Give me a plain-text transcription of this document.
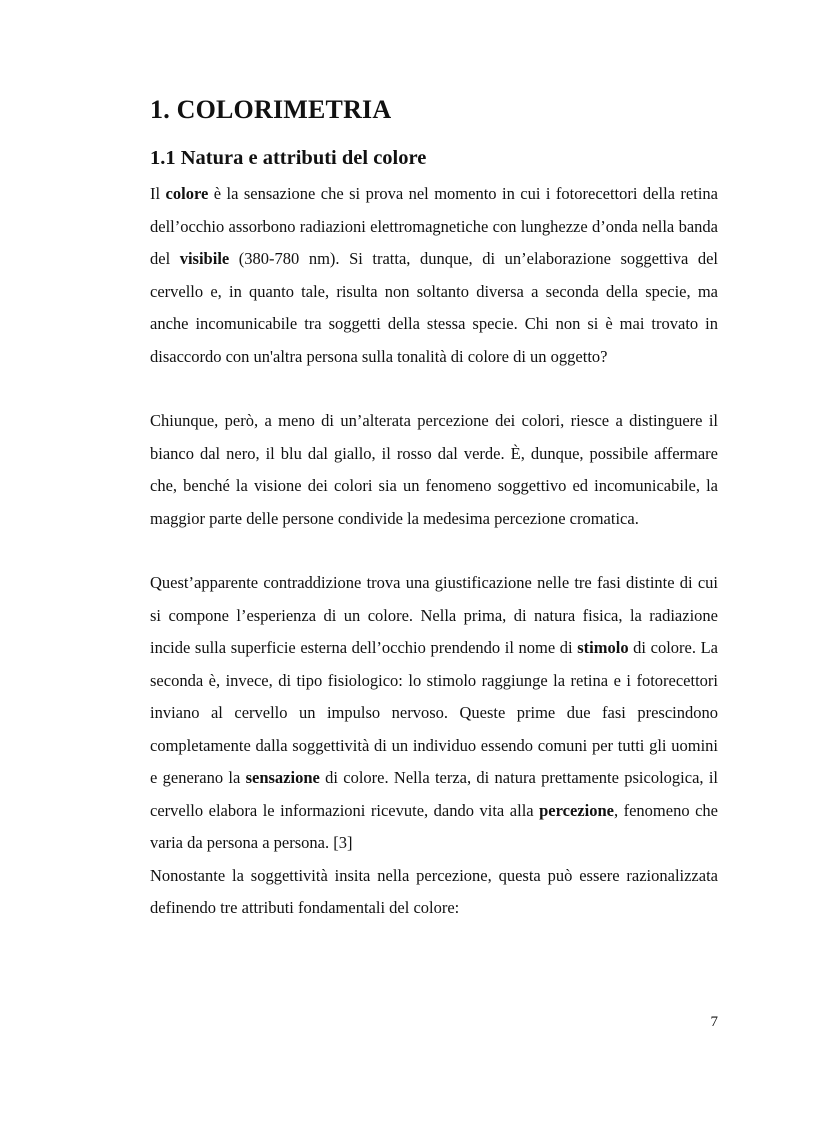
1. COLORIMETRIA
1.1 Natura e attributi del colore

Il colore è la sensazione che si prova nel momento in cui i fotorecettori della retina dell’occhio assorbono radiazioni elettromagnetiche con lunghezze d’onda nella banda del visibile (380-780 nm). Si tratta, dunque, di un’elaborazione soggettiva del cervello e, in quanto tale, risulta non soltanto diversa a seconda della specie, ma anche incomunicabile tra soggetti della stessa specie. Chi non si è mai trovato in disaccordo con un'altra persona sulla tonalità di colore di un oggetto?

Chiunque, però, a meno di un’alterata percezione dei colori, riesce a distinguere il bianco dal nero, il blu dal giallo, il rosso dal verde. È, dunque, possibile affermare che, benché la visione dei colori sia un fenomeno soggettivo ed incomunicabile, la maggior parte delle persone condivide la medesima percezione cromatica.

Quest’apparente contraddizione trova una giustificazione nelle tre fasi distinte di cui si compone l’esperienza di un colore. Nella prima, di natura fisica, la radiazione incide sulla superficie esterna dell’occhio prendendo il nome di stimolo di colore. La seconda è, invece, di tipo fisiologico: lo stimolo raggiunge la retina e i fotorecettori inviano al cervello un impulso nervoso. Queste prime due fasi prescindono completamente dalla soggettività di un individuo essendo comuni per tutti gli uomini e generano la sensazione di colore. Nella terza, di natura prettamente psicologica, il cervello elabora le informazioni ricevute, dando vita alla percezione, fenomeno che varia da persona a persona. [3]

Nonostante la soggettività insita nella percezione, questa può essere razionalizzata definendo tre attributi fondamentali del colore:

7
